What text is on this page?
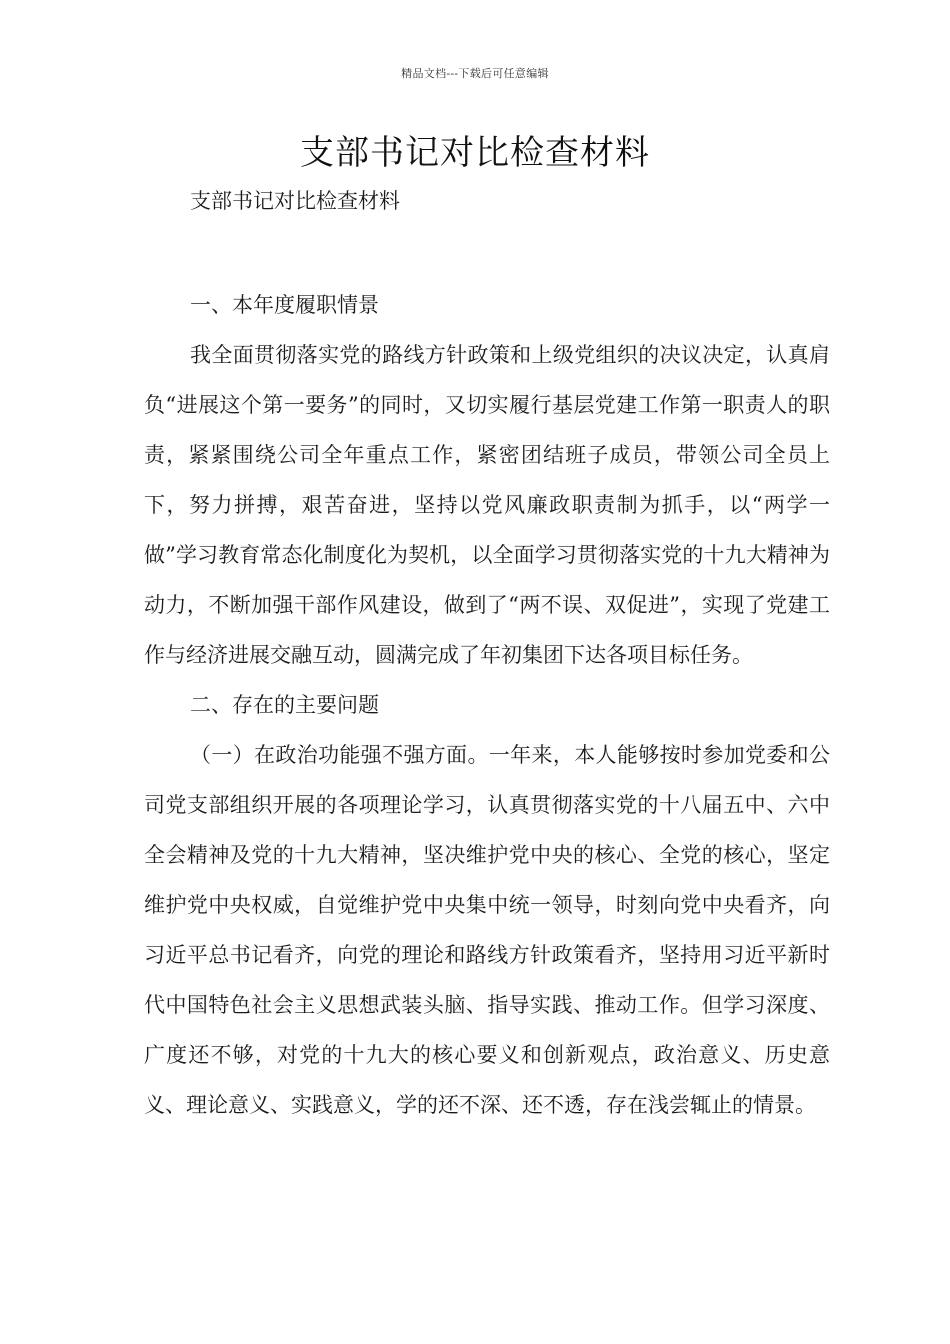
精品文档---下载后可任意编辑
支部书记对比检查材料
支部书记对比检查材料

一、本年度履职情景

我全面贯彻落实党的路线方针政策和上级党组织的决议决定，认真肩负“进展这个第一要务”的同时，又切实履行基层党建工作第一职责人的职责，紧紧围绕公司全年重点工作，紧密团结班子成员，带领公司全员上下，努力拼搏，艰苦奋进，坚持以党风廉政职责制为抓手，以“两学一做”学习教育常态化制度化为契机，以全面学习贯彻落实党的十九大精神为动力，不断加强干部作风建设，做到了“两不误、双促进”，实现了党建工作与经济进展交融互动，圆满完成了年初集团下达各项目标任务。

二、存在的主要问题

（一）在政治功能强不强方面。一年来，本人能够按时参加党委和公司党支部组织开展的各项理论学习，认真贯彻落实党的十八届五中、六中全会精神及党的十九大精神，坚决维护党中央的核心、全党的核心，坚定维护党中央权威，自觉维护党中央集中统一领导，时刻向党中央看齐，向习近平总书记看齐，向党的理论和路线方针政策看齐，坚持用习近平新时代中国特色社会主义思想武装头脑、指导实践、推动工作。但学习深度、广度还不够，对党的十九大的核心要义和创新观点，政治意义、历史意义、理论意义、实践意义，学的还不深、还不透，存在浅尝辄止的情景。
